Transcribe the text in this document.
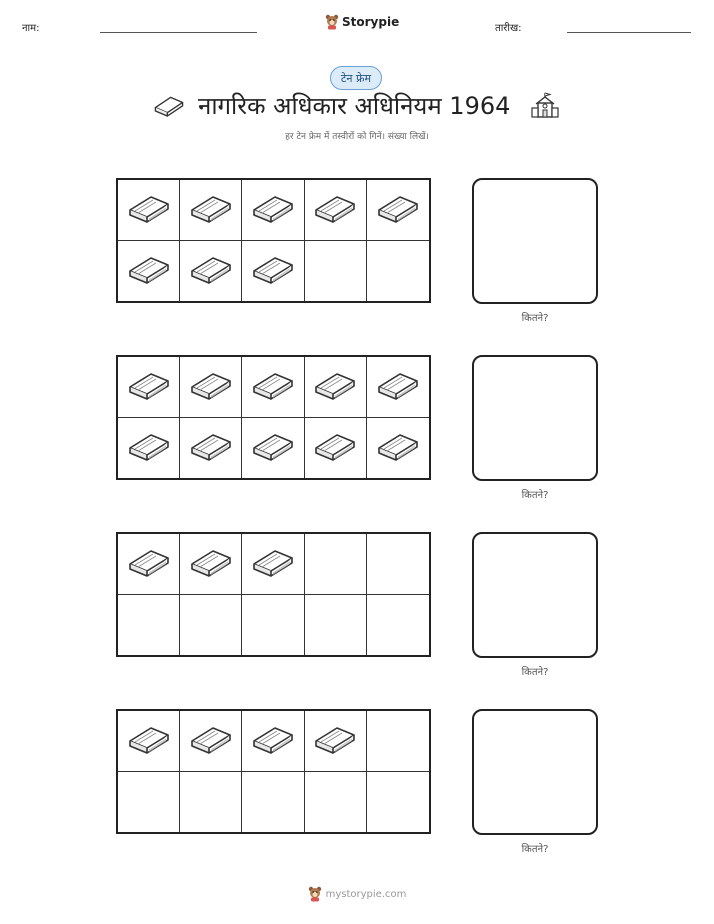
नाम:	Storypie	तारीख:
टेन फ्रेम
नागरिक अधिकार अधिनियम 1964
हर टेन फ्रेम में तस्वीरों को गिनें। संख्या लिखें।
कितने?
कितने?
कितने?
कितने?
mystorypie.com
